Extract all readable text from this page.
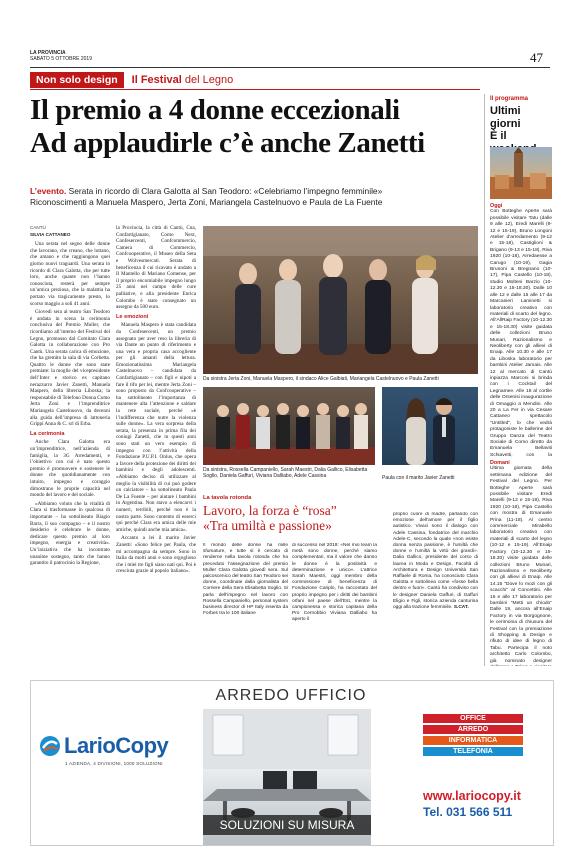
LA PROVINCIA
SABATO 5 OTTOBRE 2019	47
Non solo design	Il Festival del Legno
Il premio a 4 donne eccezionali
Ad applaudirle c’è anche Zanetti
L’evento. Serata in ricordo di Clara Galotta al San Teodoro: «Celebriamo l’impegno femminile»
Riconoscimenti a Manuela Maspero, Jerta Zoni, Mariangela Castelnuovo e Paula de La Fuente
CANTÙ
SILVIA CATTANEO

Una serata nel segno delle donne che lavorano, che creano, che lottano, che amano e che raggiungono quei giorno nuovi traguardi. Una serata in ricordo di Clara Galotta, che per tutte loro, anche quante non l’hanno conosciuta, resterà per sempre un’amica preziosa, che la malattia ha portato via tragicamente presto, lo scorso maggio a soli 41 anni.

Giovedì sera al teatro San Teodoro è andata in scena la cerimonia conclusiva del Premio Muller, che ricordiamo all’interno del Festival del Legno, promosso dal Comitato Clara Galotta in collaborazione con Pro Cantù. Una serata carica di emozione, che ha gremito la sala di via Corbetta. Quattro le donne che sono state premiate: la moglie del vicepresidente dell’Inter e storico ex capitano nerazzurro Javier Zanetti, Manuela Maspero, della libreria Liboska; la responsabile di Telefono Donna Como Jerta Zoni e l’imprenditrice Mariangela Castelnuovo, da decenni alla guida dell’impresa di lattoneria Grippi Anna & C. srl di Erba.

La cerimonia

Anche Clara Galotta era un’imprenditrice, nell’azienda di famiglia, la 3G Arredamenti, e l’obiettivo con cui è nato questo premio è promuovere e sostenere le donne che quotidianamente con intuito, impegno e coraggio dimostrano le proprie capacità nel mondo del lavoro e del sociale.

«Abbiamo voluto che la vitalità di Clara si trasformasse in qualcosa di importante – ha sottolineato Biagio Barra, il suo compagno – e il nostro desiderio è celebrare le donne, dedicare questo premio al loro impegno, energia e creatività». Un’iniziativa che ha incontrato unanime sostegno, tanto che hanno garantito il patrocinio la Regione,

la Provincia, la città di Cantù, Cna, Confartigianato, Como Next, Confesercenti, Confcommercio, Camera di Commercio, Confcooperative, il Museo della Seta e Wolvesmercati. Serata di beneficenza il cui ricavato è andato a Il Mantello di Mariano Comense, per il proprio encomiabile impegno lungo 25 anni nel campo delle cure palliative, e alla presidente Enrica Colombo è stato consegnato un assegno da 500 euro.

Le emozioni

Manuela Maspero è stata candidata da Confesercenti, un premio assegnato per aver reso la libreria di via Dante un punto di riferimento e una vera e propria casa accogliente per gli amanti della lettura. Emozionatissima Mariangela Castelnuovo – candidata da Confartigianato – con figli e nipoti a fare il tifo per lei, mentre Jerta Zoni – sono proposto da Confcooperative – ha sottolineato l’importanza di mantenere alta l’attenzione e saldare la rete sociale, perché «è l’indifferenza che nutre la violenza sulle donne». La vera sorpresa della serata, la presenza in prima fila dei coniugi Zanetti, che in questi anni sono stati un vero esempio di impegno con l’attività della Fondazione P.U.P.I. Onlus, che opera a favore della protezione dei diritti dei bambini e degli adolescenti. «Abbiamo deciso di utilizzare al meglio la visibilità di cui può godere un calciatore – ha sottolineato Paula De La Fuente – per aiutare i bambini in Argentina. Non stavo a elencarvi i numeri, terribili, perché non è la nostra parte. Sono contento di esserci qui perché Clara era amica delle mie amiche, quindi anche mia amica».

Accanto a lei il marito Javier Zanetti: «Sono felice per Paula, che mi accompagna da sempre. Sono in Italia da molti anni e sono orgoglioso che i miei tre figli siano nati qui. Poi è cresciuta grazie al popolo italiano».

Da sinistra Jerta Zoni, Manuela Maspero, il sindaco Alice Galbiati, Mariangela Castelnuovo e Paula Zanetti
Da sinistra, Rossella Campaniello, Sarah Maestri, Dalia Gallico, Elisabetta Soglio, Daniela Gaffuri, Viviana Dalliabo, Adele Cassina	Paula con il marito Javier Zanetti
La tavola rotonda
Lavoro, la forza è “rosa”
«Tra umiltà e passione»
Il mondo delle donne ha mille sfumature, e tutte si è cercato di renderne nella tavola rotonda che ha preceduto l’assegnazione del premio Muller Clara Galotta giovedì sera. Sul palcoscenico del teatro San Teodoro sei donne, coordinate dalla giornalista del Corriere della Sera Elisabetta Soglio. Si parla dell’impegno nel lavoro con Rossella Campaniello, personal system business director di HP Italy inserita da Forbes tra le 100 italiane
di successo nel 2019: «Nel mio team la metà sono donne, perché siamo complementari, ma il valore che danno le donne è la positività e determinazione e unico». L’attrice Sarah Maestri, oggi membro della commissione di beneficenza di Fondazione Cariplo, ha raccontato del proprio impegno per i diritti dei bambini orfani nel paese dell’Est, mentre la campionessa e storica capitana della Pro Cernobbio Viviana Dalliabo ha aperto il
proprio cuore di madre, parlando con emozione dell’amore per il figlio autistico. Vivaci sono il dialogo con Adele Cassina, fondatrice del marchio Adele-C, secondo la quale «non esiste donna senza passione, è l’umiltà che donne e l’umiltà la virtù dei grandi». Dalia Gallico, presidente del corso di laurea in Moda e Design, Facoltà di Architettura e Design Università San Raffaele di Roma, ha conosciuto Clara Galotta e sottolinea come «fosse bella dentro e fuori». Cantù ha condiviso con le designer Daniela Gaffuri, di Gaffuri Eligio e Figli, storica azienda canturina oggi alla trazione femminile. S.CAT.
Il programma
Ultimi giorni
È il
Oggi
Con Botteghe Aperte sarà possibile visitare Tatu (dalle 9 alle 12), Eredi Marelli (9-12 e 15-19), Bruno Longoni Atelier d’arredamento (9-12 e 15-18), Castiglioni & Brigano (9-13 e 15-18), Riva 1920 (10-18), Arredaesse a Carugo (10-19), Gagia Brunoni & Bregnano (10-17), Pipa Castello (10-18), studio Molteni Barzio (10-12.30 e 15-18.30). Dalle 10 alle 12 e dalle 15 alle 17 da Marcanieri Laminetti si laboratorio creativo con materiali di scarto del legno. All’AllRaip Factory (10-12.30 e 15-18.30) visite guidata delle collezioni Bruno Munari, Razionalismo e Neoliberty con gli allievi di Enaip. Alle 10.30 e alle 17 da Liboska laboratorio per bambini Atelier Jamais. Alle 12 al mercato di Cantù inpiazza Marconi si brinda con i Cocktail del Legnamee. Alle 18 al cortile delle Orsenisi inaugurazione di Omaggio a Mendini. Alle 20 a La Fer in via Cesare Cattaneo spettacolo "Untitled", lo che vedrà protagoniste le ballerine del Gruppo Danza del Teatro Sociale di Como diretto da Emanuela Bellaviti Schiavetti, con la
Domani
Ultima giornata della settimana edizione del Festival del Legno. Per Botteghe Aperte sarà possibile visitare Eredi Marelli (9-12 e 15-19), Riva 1920 (10-18), Pipa Castello con mostra di Emanuele Prina (11-18). Al centro commerciale Mirabello laboratorio creativo con materiali di scarto del legno (10-12 e 15-19). All’Enaip Factory (10-12.30 e 15-18.30) visite guidata delle collezioni Bruno Munari, Razionalismo e Neoliberty con gli allievi di Enaip. Alle 14.15 "Dove lo mozi con gli scacchi" al Concettini. Alle 15 e alle 17 laboratorio per bambini "Metti un chiodo" Dalle 19, ancora all’Enaip Factory in via Borgognone, le cerimonia di chiusura del Festival con la premiazione di Shopping & Design e rifiuto di idee di legno di Tabu. Partecipa il noto architetto Carlo Colombo, già nominato designer
ARREDO UFFICIO
SOLUZIONI SU MISURA
LarioCopy
1 AZIENDA, 4 DIVISIONI, 1000 SOLUZIONI
OFFICE
ARREDO
INFORMATICA
TELEFONIA
www.lariocopy.it
Tel. 031 566 511
